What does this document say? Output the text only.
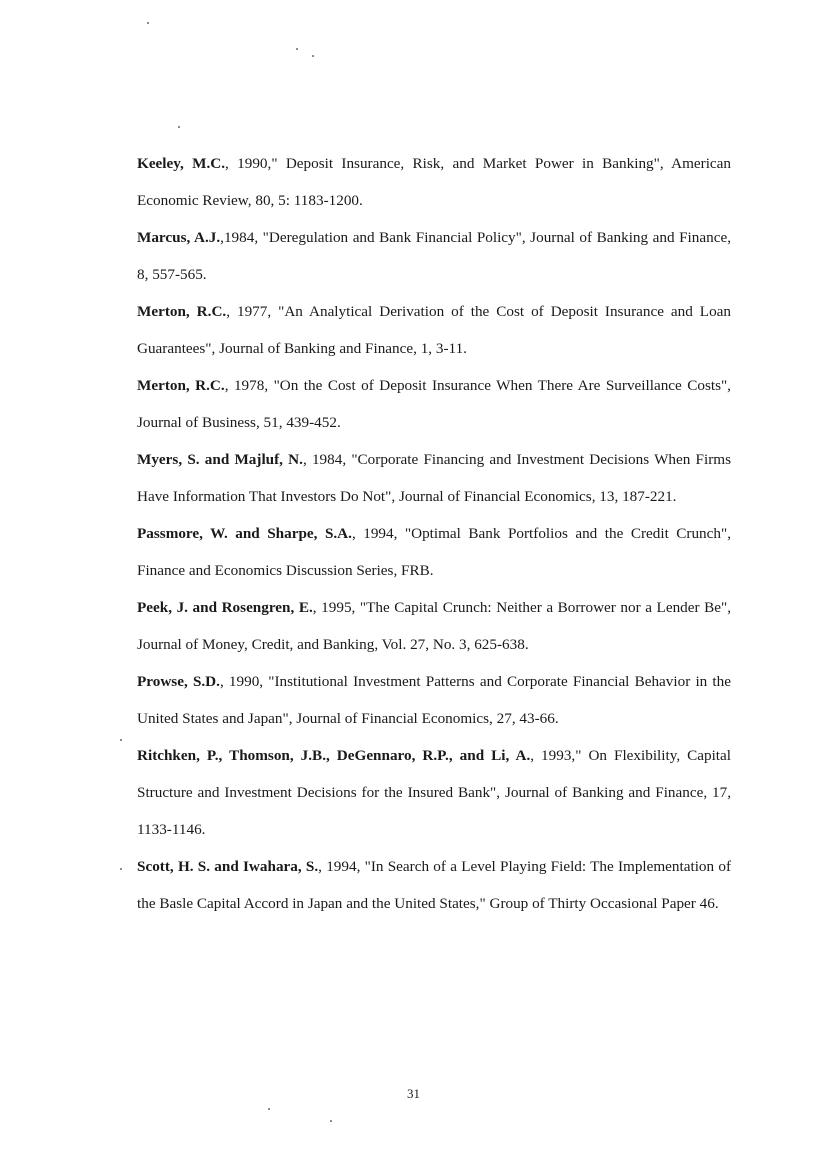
Keeley, M.C., 1990," Deposit Insurance, Risk, and Market Power in Banking", American Economic Review, 80, 5: 1183-1200.

Marcus, A.J.,1984, "Deregulation and Bank Financial Policy", Journal of Banking and Finance, 8, 557-565.

Merton, R.C., 1977, "An Analytical Derivation of the Cost of Deposit Insurance and Loan Guarantees", Journal of Banking and Finance, 1, 3-11.

Merton, R.C., 1978, "On the Cost of Deposit Insurance When There Are Surveillance Costs", Journal of Business, 51, 439-452.

Myers, S. and Majluf, N., 1984, "Corporate Financing and Investment Decisions When Firms Have Information That Investors Do Not", Journal of Financial Economics, 13, 187-221.

Passmore, W. and Sharpe, S.A., 1994, "Optimal Bank Portfolios and the Credit Crunch", Finance and Economics Discussion Series, FRB.

Peek, J. and Rosengren, E., 1995, "The Capital Crunch: Neither a Borrower nor a Lender Be", Journal of Money, Credit, and Banking, Vol. 27, No. 3, 625-638.

Prowse, S.D., 1990, "Institutional Investment Patterns and Corporate Financial Behavior in the United States and Japan", Journal of Financial Economics, 27, 43-66.

Ritchken, P., Thomson, J.B., DeGennaro, R.P., and Li, A., 1993," On Flexibility, Capital Structure and Investment Decisions for the Insured Bank", Journal of Banking and Finance, 17, 1133-1146.

Scott, H. S. and Iwahara, S., 1994, "In Search of a Level Playing Field: The Implementation of the Basle Capital Accord in Japan and the United States," Group of Thirty Occasional Paper 46.

31
